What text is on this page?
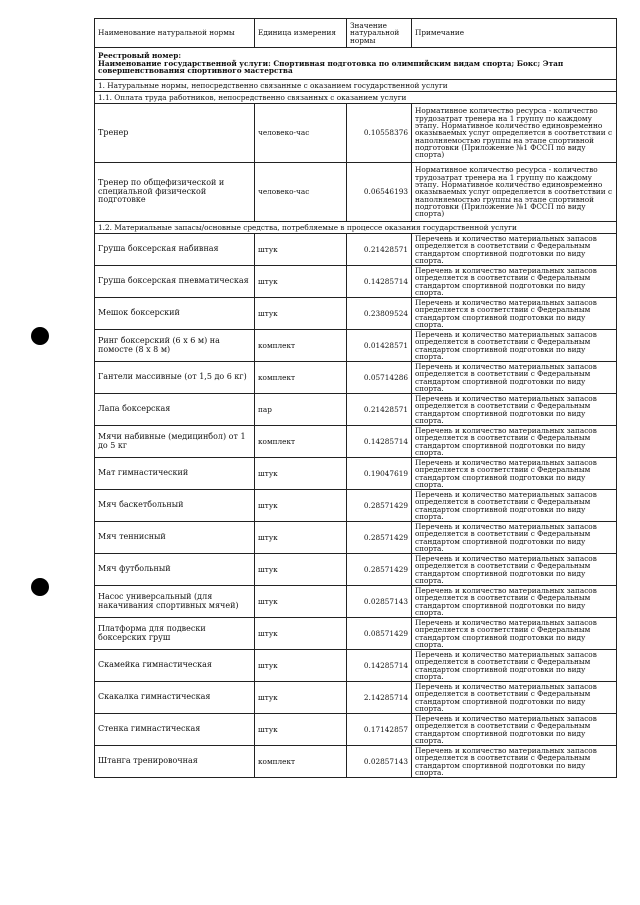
Наименование натуральной нормы	Единица измерения	Значение натуральной нормы	Примечание

Реестровый номер:
Наименование государственной услуги: Спортивная подготовка по олимпийским видам спорта; Бокс; Этап совершенствования спортивного мастерства			

1. Натуральные нормы, непосредственно связанные с оказанием государственной услуги			
1.1. Оплата труда работников, непосредственно связанных с оказанием услуги			
Тренер	человеко-час	0.10558376	Нормативное количество ресурса - количество трудозатрат тренера на 1 группу по каждому этапу. Нормативное количество единовременно оказываемых услуг определяется в соответствии с наполняемостью группы на этапе спортивной подготовки (Приложение №1 ФССП по виду спорта)
Тренер по общефизической и специальной физической подготовке	человеко-час	0.06546193	Нормативное количество ресурса - количество трудозатрат тренера на 1 группу по каждому этапу. Нормативное количество единовременно оказываемых услуг определяется в соответствии с наполняемостью группы на этапе спортивной подготовки (Приложение №1 ФССП по виду спорта)
1.2. Материальные запасы/основные средства, потребляемые в процессе оказания государственной услуги			
Груша боксерская набивная	штук	0.21428571	Перечень и количество материальных запасов определяется в соответствии с Федеральным стандартом спортивной подготовки по виду спорта.
Груша боксерская пневматическая	штук	0.14285714	Перечень и количество материальных запасов определяется в соответствии с Федеральным стандартом спортивной подготовки по виду спорта.
Мешок боксерский	штук	0.23809524	Перечень и количество материальных запасов определяется в соответствии с Федеральным стандартом спортивной подготовки по виду спорта.
Ринг боксерский (6 х 6 м) на помосте (8 х 8 м)	комплект	0.01428571	Перечень и количество материальных запасов определяется в соответствии с Федеральным стандартом спортивной подготовки по виду спорта.
Гантели массивные (от 1,5 до 6 кг)	комплект	0.05714286	Перечень и количество материальных запасов определяется в соответствии с Федеральным стандартом спортивной подготовки по виду спорта.
Лапа боксерская	пар	0.21428571	Перечень и количество материальных запасов определяется в соответствии с Федеральным стандартом спортивной подготовки по виду спорта.
Мячи набивные (медицинбол) от 1 до 5 кг	комплект	0.14285714	Перечень и количество материальных запасов определяется в соответствии с Федеральным стандартом спортивной подготовки по виду спорта.
Мат гимнастический	штук	0.19047619	Перечень и количество материальных запасов определяется в соответствии с Федеральным стандартом спортивной подготовки по виду спорта.
Мяч баскетбольный	штук	0.28571429	Перечень и количество материальных запасов определяется в соответствии с Федеральным стандартом спортивной подготовки по виду спорта.
Мяч теннисный	штук	0.28571429	Перечень и количество материальных запасов определяется в соответствии с Федеральным стандартом спортивной подготовки по виду спорта.
Мяч футбольный	штук	0.28571429	Перечень и количество материальных запасов определяется в соответствии с Федеральным стандартом спортивной подготовки по виду спорта.
Насос универсальный (для накачивания спортивных мячей)	штук	0.02857143	Перечень и количество материальных запасов определяется в соответствии с Федеральным стандартом спортивной подготовки по виду спорта.
Платформа для подвески боксерских груш	штук	0.08571429	Перечень и количество материальных запасов определяется в соответствии с Федеральным стандартом спортивной подготовки по виду спорта.
Скамейка гимнастическая	штук	0.14285714	Перечень и количество материальных запасов определяется в соответствии с Федеральным стандартом спортивной подготовки по виду спорта.
Скакалка гимнастическая	штук	2.14285714	Перечень и количество материальных запасов определяется в соответствии с Федеральным стандартом спортивной подготовки по виду спорта.
Стенка гимнастическая	штук	0.17142857	Перечень и количество материальных запасов определяется в соответствии с Федеральным стандартом спортивной подготовки по виду спорта.
Штанга тренировочная	комплект	0.02857143	Перечень и количество материальных запасов определяется в соответствии с Федеральным стандартом спортивной подготовки по виду спорта.
